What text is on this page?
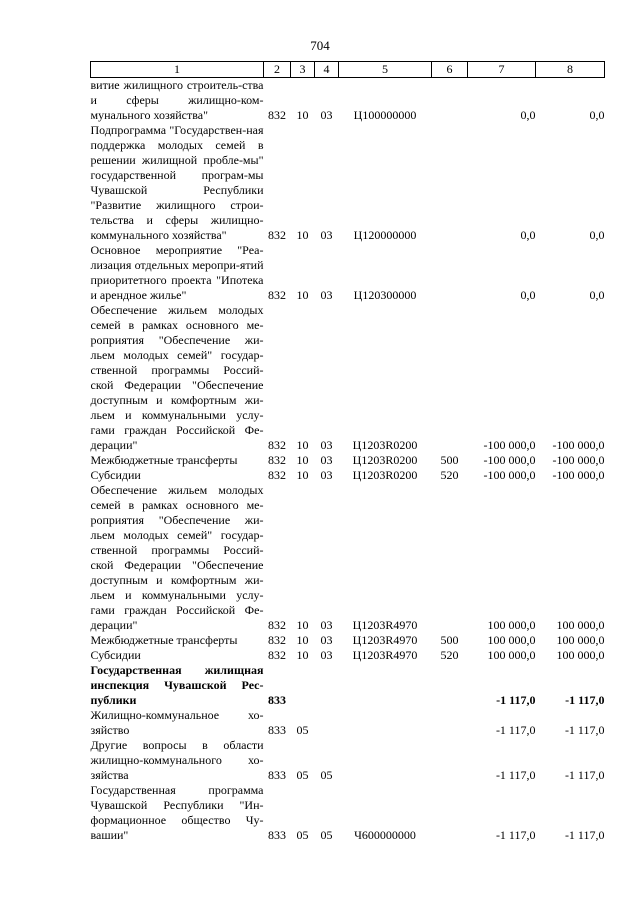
704
1	2	3	4	5	6	7	8
витие жилищного строитель-ства и сферы жилищно-ком-мунального хозяйства"	832	10	03	Ц100000000		0,0	0,0
Подпрограмма "Государствен-ная поддержка молодых семей в решении жилищной пробле-мы" государственной програм-мы Чувашской Республики "Развитие жилищного строи-тельства и сферы жилищно-коммунального хозяйства"	832	10	03	Ц120000000		0,0	0,0
Основное мероприятие "Реа-лизация отдельных меропри-ятий приоритетного проекта "Ипотека и арендное жилье"	832	10	03	Ц120300000		0,0	0,0
Обеспечение жильем молодых семей в рамках основного ме-роприятия "Обеспечение жи-льем молодых семей" государ-ственной программы Россий-ской Федерации "Обеспечение доступным и комфортным жи-льем и коммунальными услу-гами граждан Российской Фе-дерации"	832	10	03	Ц1203R0200		-100 000,0	-100 000,0
Межбюджетные трансферты	832	10	03	Ц1203R0200	500	-100 000,0	-100 000,0
Субсидии	832	10	03	Ц1203R0200	520	-100 000,0	-100 000,0
Обеспечение жильем молодых семей в рамках основного ме-роприятия "Обеспечение жи-льем молодых семей" государ-ственной программы Россий-ской Федерации "Обеспечение доступным и комфортным жи-льем и коммунальными услу-гами граждан Российской Фе-дерации"	832	10	03	Ц1203R4970		100 000,0	100 000,0
Межбюджетные трансферты	832	10	03	Ц1203R4970	500	100 000,0	100 000,0
Субсидии	832	10	03	Ц1203R4970	520	100 000,0	100 000,0
Государственная жилищная инспекция Чувашской Рес-публики	833					-1 117,0	-1 117,0
Жилищно-коммунальное хо-зяйство	833	05				-1 117,0	-1 117,0
Другие вопросы в области жилищно-коммунального хо-зяйства	833	05	05			-1 117,0	-1 117,0
Государственная программа Чувашской Республики "Ин-формационное общество Чу-вашии"	833	05	05	Ч600000000		-1 117,0	-1 117,0
